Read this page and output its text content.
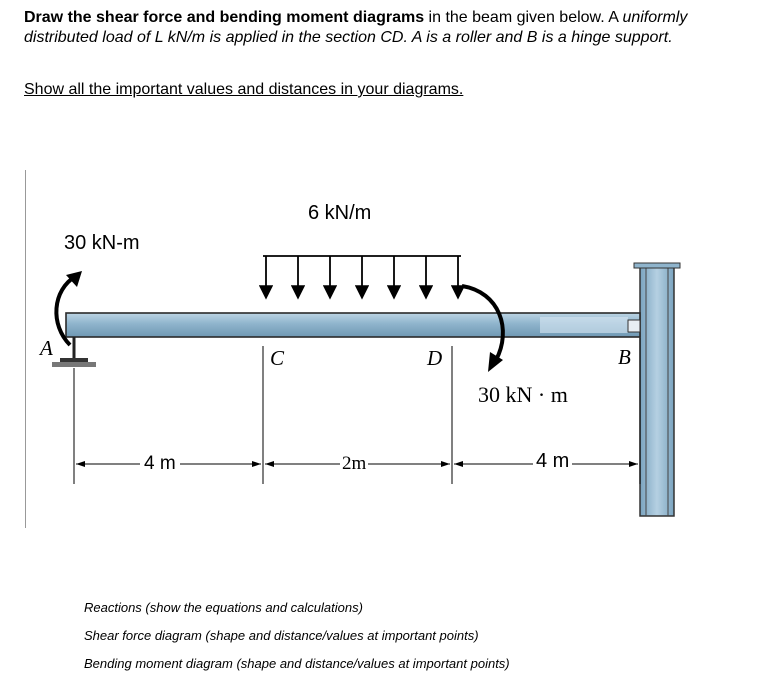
Draw the shear force and bending moment diagrams in the beam given below. A uniformly distributed load of L kN/m is applied in the section CD. A is a roller and B is a hinge support.
Show all the important values and distances in your diagrams.
6 kN/m
30 kN-m
30 kN · m
A	C	D	B
4 m	2m	4 m
Reactions (show the equations and calculations)
Shear force diagram (shape and distance/values at important points)
Bending moment diagram (shape and distance/values at important points)
